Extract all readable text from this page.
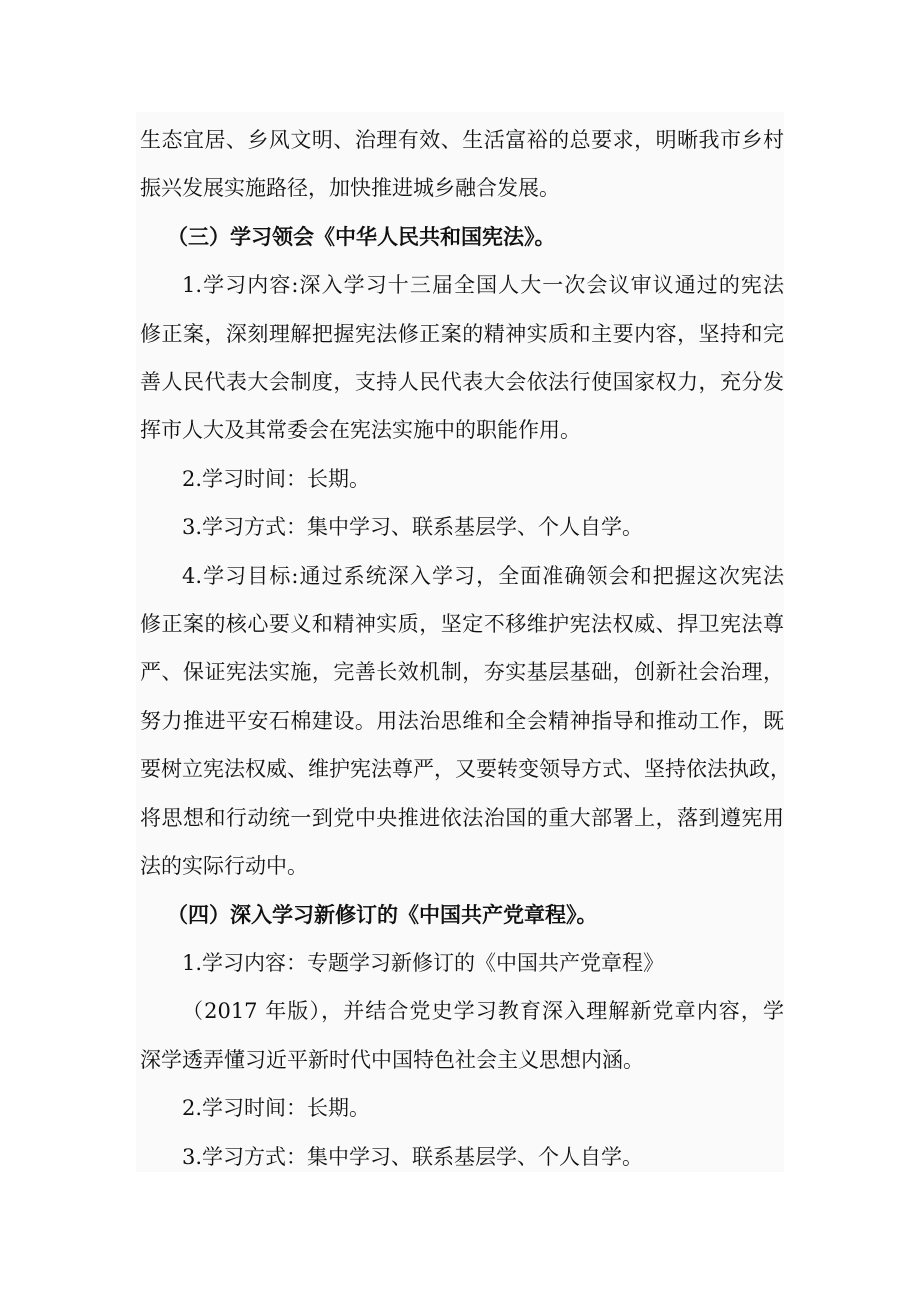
生态宜居、乡风文明、治理有效、生活富裕的总要求，明晰我市乡村
振兴发展实施路径，加快推进城乡融合发展。
（三）学习领会《中华人民共和国宪法》。
1.学习内容:深入学习十三届全国人大一次会议审议通过的宪法
修正案，深刻理解把握宪法修正案的精神实质和主要内容，坚持和完
善人民代表大会制度，支持人民代表大会依法行使国家权力，充分发
挥市人大及其常委会在宪法实施中的职能作用。
2.学习时间：长期。
3.学习方式：集中学习、联系基层学、个人自学。
4.学习目标:通过系统深入学习，全面准确领会和把握这次宪法
修正案的核心要义和精神实质，坚定不移维护宪法权威、捍卫宪法尊
严、保证宪法实施，完善长效机制，夯实基层基础，创新社会治理，
努力推进平安石棉建设。用法治思维和全会精神指导和推动工作，既
要树立宪法权威、维护宪法尊严，又要转变领导方式、坚持依法执政，
将思想和行动统一到党中央推进依法治国的重大部署上，落到遵宪用
法的实际行动中。
（四）深入学习新修订的《中国共产党章程》。
1.学习内容：专题学习新修订的《中国共产党章程》
（2017 年版），并结合党史学习教育深入理解新党章内容，学
深学透弄懂习近平新时代中国特色社会主义思想内涵。
2.学习时间：长期。
3.学习方式：集中学习、联系基层学、个人自学。
